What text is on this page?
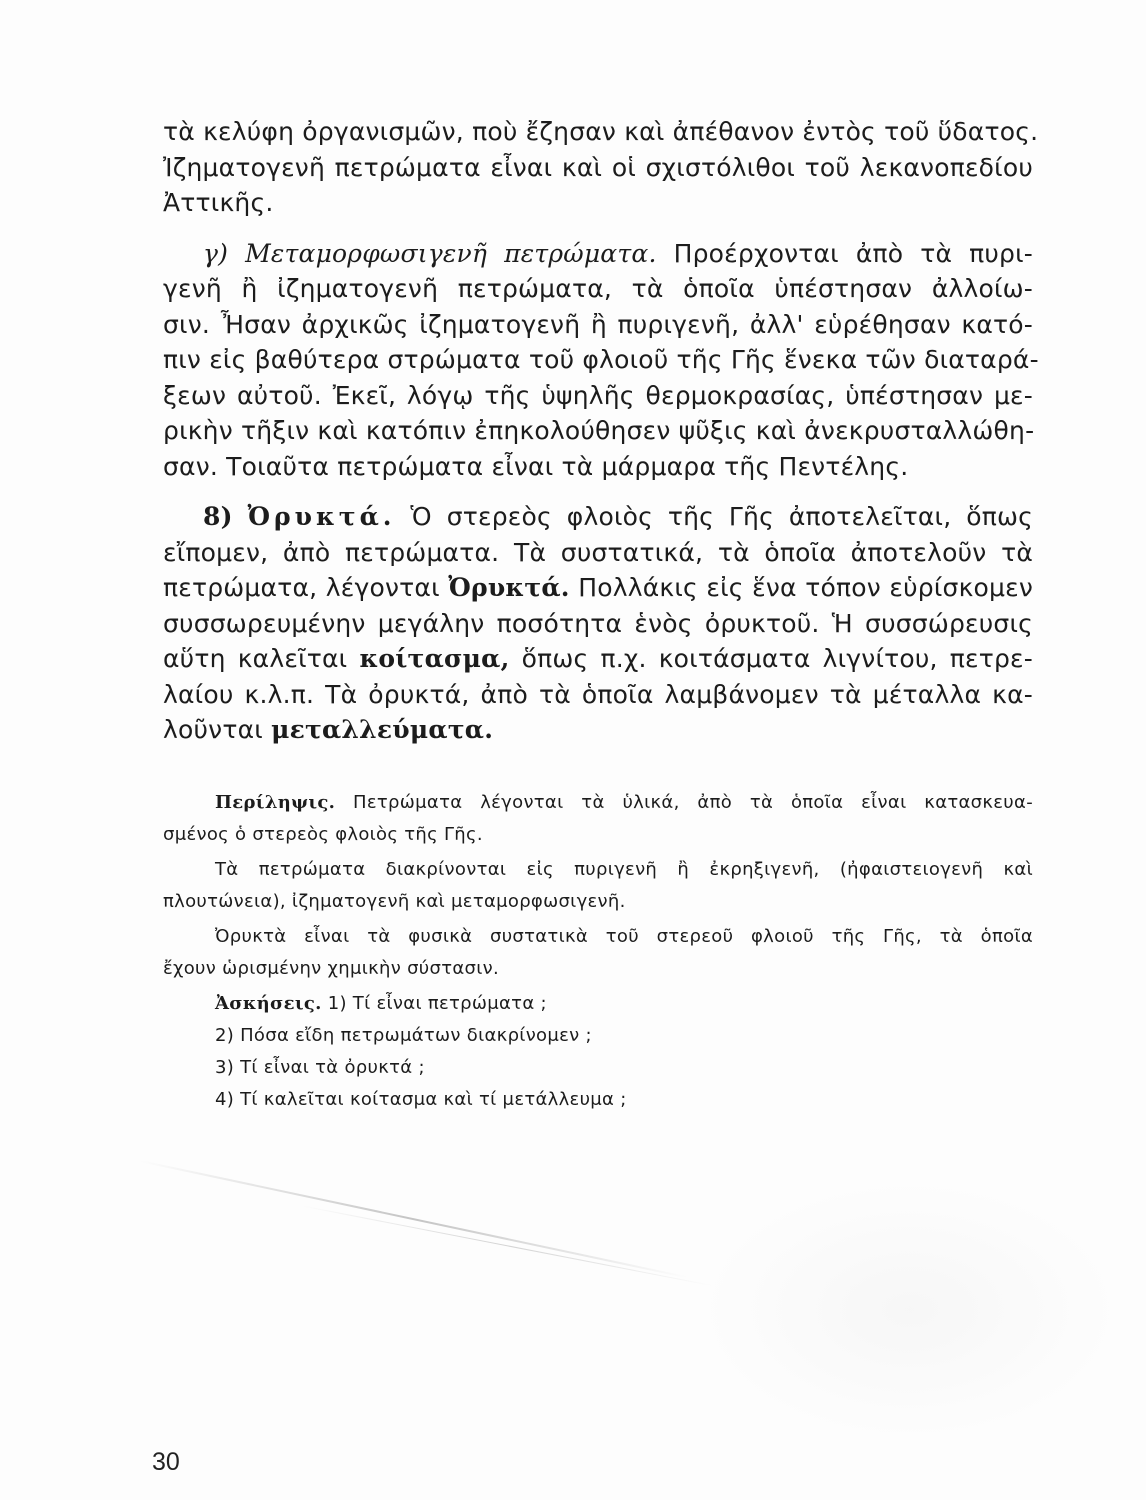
τὰ κελύφη ὀργανισμῶν, ποὺ ἔζησαν καὶ ἀπέθανον ἐντὸς τοῦ ὕδατος.
Ἰζηματογενῆ πετρώματα εἶναι καὶ οἱ σχιστόλιθοι τοῦ λεκανοπεδίου
Ἀττικῆς.
γ) Μεταμορφωσιγενῆ πετρώματα. Προέρχονται ἀπὸ τὰ πυρι-
γενῆ ἢ ἰζηματογενῆ πετρώματα, τὰ ὁποῖα ὑπέστησαν ἀλλοίω-
σιν. Ἦσαν ἀρχικῶς ἰζηματογενῆ ἢ πυριγενῆ, ἀλλ' εὑρέθησαν κατό-
πιν εἰς βαθύτερα στρώματα τοῦ φλοιοῦ τῆς Γῆς ἕνεκα τῶν διαταρά-
ξεων αὐτοῦ. Ἐκεῖ, λόγῳ τῆς ὑψηλῆς θερμοκρασίας, ὑπέστησαν με-
ρικὴν τῆξιν καὶ κατόπιν ἐπηκολούθησεν ψῦξις καὶ ἀνεκρυσταλλώθη-
σαν. Τοιαῦτα πετρώματα εἶναι τὰ μάρμαρα τῆς Πεντέλης.
8) Ὀρυκτά. Ὁ στερεὸς φλοιὸς τῆς Γῆς ἀποτελεῖται, ὅπως
εἴπομεν, ἀπὸ πετρώματα. Τὰ συστατικά, τὰ ὁποῖα ἀποτελοῦν τὰ
πετρώματα, λέγονται Ὀρυκτά. Πολλάκις εἰς ἕνα τόπον εὑρίσκομεν
συσσωρευμένην μεγάλην ποσότητα ἑνὸς ὀρυκτοῦ. Ἡ συσσώρευσις
αὕτη καλεῖται κοίτασμα, ὅπως π.χ. κοιτάσματα λιγνίτου, πετρε-
λαίου κ.λ.π. Τὰ ὀρυκτά, ἀπὸ τὰ ὁποῖα λαμβάνομεν τὰ μέταλλα κα-
λοῦνται μεταλλεύματα.
Περίληψις. Πετρώματα λέγονται τὰ ὑλικά, ἀπὸ τὰ ὁποῖα εἶναι κατασκευα-
σμένος ὁ στερεὸς φλοιὸς τῆς Γῆς.
Τὰ πετρώματα διακρίνονται εἰς πυριγενῆ ἢ ἐκρηξιγενῆ, (ἠφαιστειογενῆ καὶ
πλουτώνεια), ἰζηματογενῆ καὶ μεταμορφωσιγενῆ.
Ὀρυκτὰ εἶναι τὰ φυσικὰ συστατικὰ τοῦ στερεοῦ φλοιοῦ τῆς Γῆς, τὰ ὁποῖα
ἔχουν ὡρισμένην χημικὴν σύστασιν.
Ἀσκήσεις. 1) Τί εἶναι πετρώματα ;
2) Πόσα εἴδη πετρωμάτων διακρίνομεν ;
3) Τί εἶναι τὰ ὀρυκτά ;
4) Τί καλεῖται κοίτασμα καὶ τί μετάλλευμα ;
30
